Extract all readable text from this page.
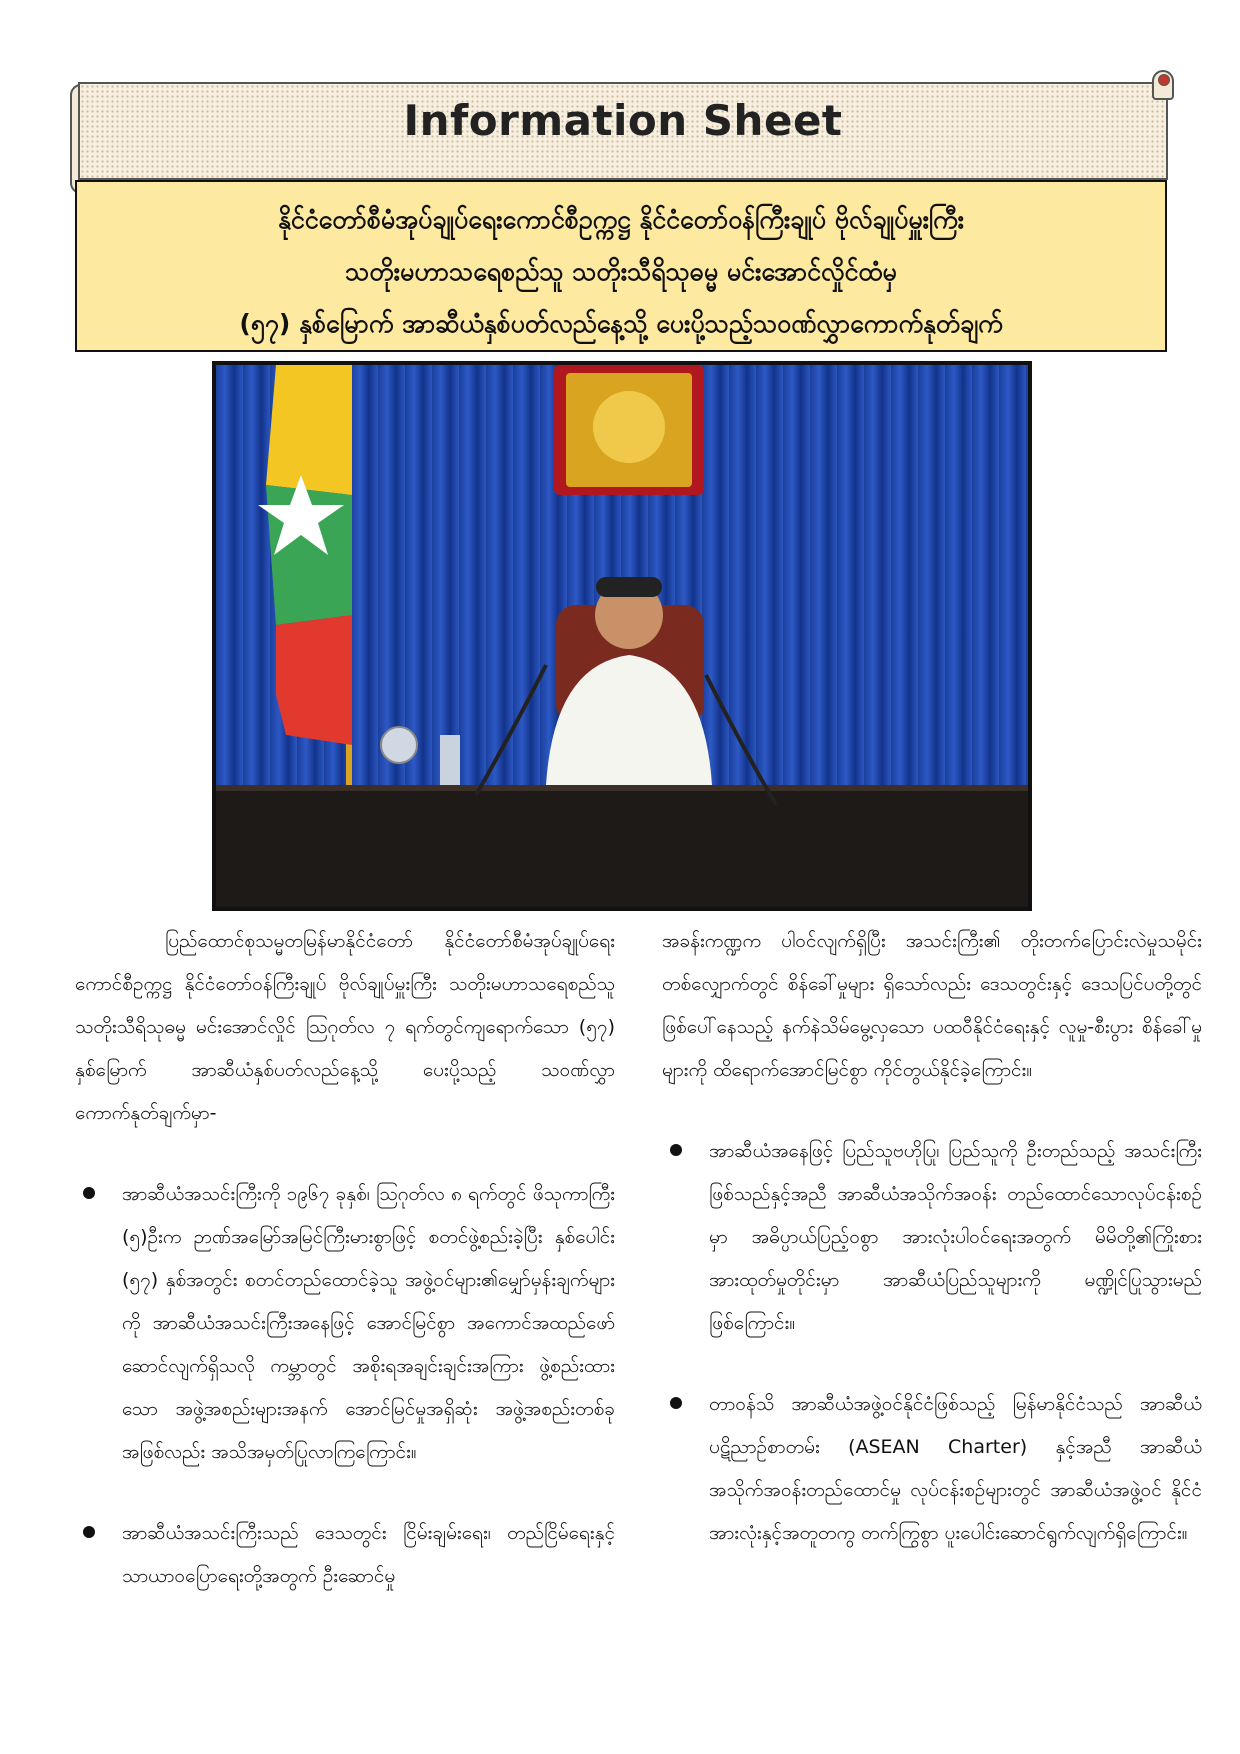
Information Sheet
နိုင်ငံတော်စီမံအုပ်ချုပ်ရေးကောင်စီဥက္ကဋ္ဌ နိုင်ငံတော်ဝန်ကြီးချုပ် ဗိုလ်ချုပ်မှူးကြီး
သတိုးမဟာသရေစည်သူ သတိုးသီရိသုဓမ္မ မင်းအောင်လှိုင်ထံမှ
(၅၇) နှစ်မြောက် အာဆီယံနှစ်ပတ်လည်နေ့သို့ ပေးပို့သည့်သဝဏ်လွှာကောက်နုတ်ချက်

ပြည်ထောင်စုသမ္မတမြန်မာနိုင်ငံတော် နိုင်ငံတော်စီမံအုပ်ချုပ်ရေးကောင်စီဥက္ကဋ္ဌ နိုင်ငံတော်ဝန်ကြီးချုပ် ဗိုလ်ချုပ်မှူးကြီး သတိုးမဟာသရေစည်သူ သတိုးသီရိသုဓမ္မ မင်းအောင်လှိုင် ဩဂုတ်လ ၇ ရက်တွင်ကျရောက်သော (၅၇) နှစ်မြောက် အာဆီယံနှစ်ပတ်လည်နေ့သို့ ပေးပို့သည့် သဝဏ်လွှာ ကောက်နုတ်ချက်မှာ-

အာဆီယံအသင်းကြီးကို ၁၉၆၇ ခုနှစ်၊ ဩဂုတ်လ ၈ ရက်တွင် ဖိသုကာကြီး (၅)ဦးက ဉာဏ်အမြော်အမြင်ကြီးမားစွာဖြင့် စတင်ဖွဲ့စည်းခဲ့ပြီး နှစ်ပေါင်း (၅၇) နှစ်အတွင်း စတင်တည်ထောင်ခဲ့သူ အဖွဲ့ဝင်များ၏မျှော်မှန်းချက်များကို အာဆီယံအသင်းကြီးအနေဖြင့် အောင်မြင်စွာ အကောင်အထည်ဖော်ဆောင်လျက်ရှိသလို ကမ္ဘာတွင် အစိုးရအချင်းချင်းအကြား ဖွဲ့စည်းထားသော အဖွဲ့အစည်းများအနက် အောင်မြင်မှုအရှိဆုံး အဖွဲ့အစည်းတစ်ခုအဖြစ်လည်း အသိအမှတ်ပြုလာကြကြောင်း။

အာဆီယံအသင်းကြီးသည် ဒေသတွင်း ငြိမ်းချမ်းရေး၊ တည်ငြိမ်ရေးနှင့် သာယာဝပြောရေးတို့အတွက် ဦးဆောင်မှု

အခန်းကဏ္ဍက ပါဝင်လျက်ရှိပြီး အသင်းကြီး၏ တိုးတက်ပြောင်းလဲမှုသမိုင်းတစ်လျှောက်တွင် စိန်ခေါ်မှုများ ရှိသော်လည်း ဒေသတွင်းနှင့် ဒေသပြင်ပတို့တွင် ဖြစ်ပေါ်နေသည့် နက်နဲသိမ်မွေ့လှသော ပထဝီနိုင်ငံရေးနှင့် လူမှု-စီးပွား စိန်ခေါ်မှုများကို ထိရောက်အောင်မြင်စွာ ကိုင်တွယ်နိုင်ခဲ့ကြောင်း။

အာဆီယံအနေဖြင့် ပြည်သူဗဟိုပြု၊ ပြည်သူကို ဦးတည်သည့် အသင်းကြီးဖြစ်သည်နှင့်အညီ အာဆီယံအသိုက်အဝန်း တည်ထောင်သောလုပ်ငန်းစဉ်မှာ အဓိပ္ပာယ်ပြည့်ဝစွာ အားလုံးပါဝင်ရေးအတွက် မိမိတို့၏ကြိုးစားအားထုတ်မှုတိုင်းမှာ အာဆီယံပြည်သူများကို မဏ္ဍိုင်ပြုသွားမည်ဖြစ်ကြောင်း။

တာဝန်သိ အာဆီယံအဖွဲ့ဝင်နိုင်ငံဖြစ်သည့် မြန်မာနိုင်ငံသည် အာဆီယံပဋိညာဉ်စာတမ်း (ASEAN Charter) နှင့်အညီ အာဆီယံအသိုက်အဝန်းတည်ထောင်မှု လုပ်ငန်းစဉ်များတွင် အာဆီယံအဖွဲ့ဝင် နိုင်ငံအားလုံးနှင့်အတူတကွ တက်ကြွစွာ ပူးပေါင်းဆောင်ရွက်လျက်ရှိကြောင်း။
